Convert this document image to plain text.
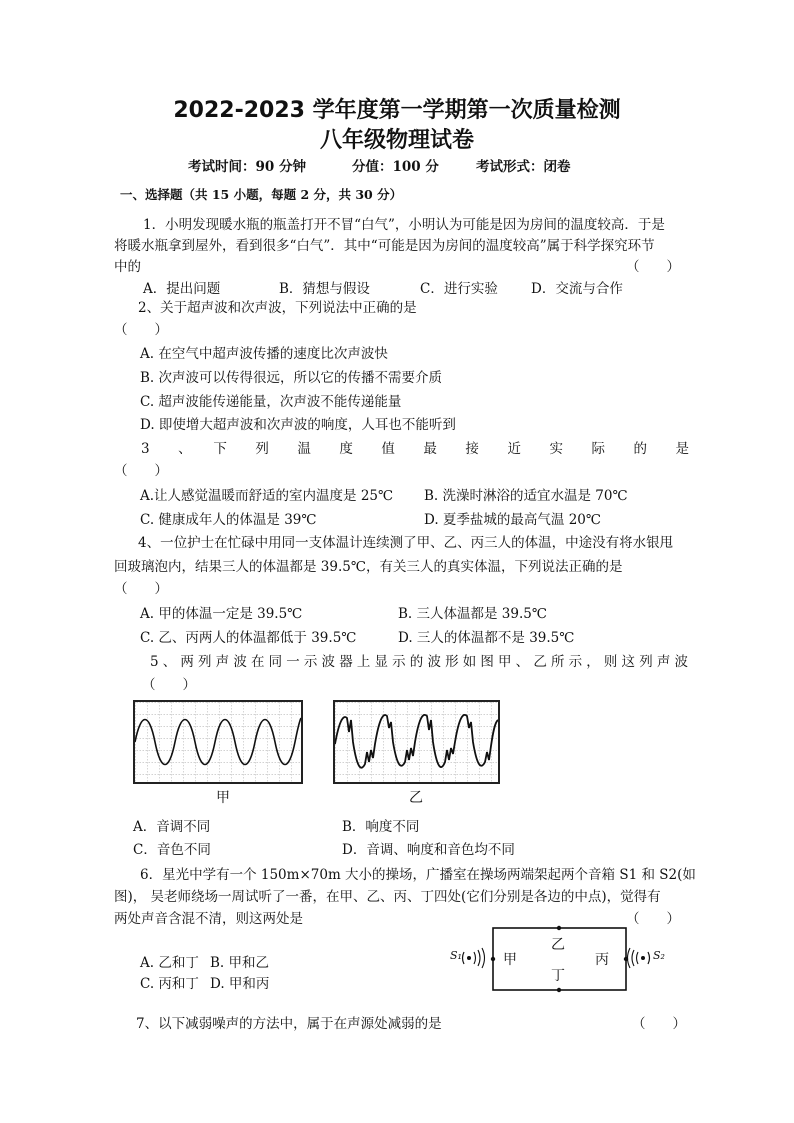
2022-2023 学年度第一学期第一次质量检测
八年级物理试卷
考试时间：90 分钟	分值：100 分	考试形式：闭卷
一、选择题（共 15 小题，每题 2 分，共 30 分）
1．小明发现暖水瓶的瓶盖打开不冒“白气”，小明认为可能是因为房间的温度较高．于是
将暖水瓶拿到屋外，看到很多“白气”．其中“可能是因为房间的温度较高”属于科学探究环节
中的	（　　）
A．提出问题	B．猜想与假设	C．进行实验 D．交流与合作
2、关于超声波和次声波，下列说法中正确的是
（　　）
A. 在空气中超声波传播的速度比次声波快
B. 次声波可以传得很远，所以它的传播不需要介质
C. 超声波能传递能量，次声波不能传递能量
D. 即使增大超声波和次声波的响度，人耳也不能听到
3　、　下　列　温　度　值　最　接　近　实　际　的　是
（　　）
A.让人感觉温暖而舒适的室内温度是 25℃ B. 洗澡时淋浴的适宜水温是 70℃
C. 健康成年人的体温是 39℃	D. 夏季盐城的最高气温 20℃
4、一位护士在忙碌中用同一支体温计连续测了甲、乙、丙三人的体温，中途没有将水银甩
回玻璃泡内，结果三人的体温都是 39.5℃，有关三人的真实体温，下列说法正确的是
（　　）
A. 甲的体温一定是 39.5℃	B. 三人体温都是 39.5℃
C. 乙、丙两人的体温都低于 39.5℃	D. 三人的体温都不是 39.5℃
5、两列声波在同一示波器上显示的波形如图甲、乙所示，则这列声波
（　　）
甲	乙
A．音调不同	B．响度不同
C．音色不同	D．音调、响度和音色均不同
6．星光中学有一个 150m×70m 大小的操场，广播室在操场两端架起两个音箱 S1 和 S2(如
图)， 吴老师绕场一周试听了一番，在甲、乙、丙、丁四处(它们分别是各边的中点)，觉得有
两处声音含混不清，则这两处是	（　　）
A. 乙和丁 B. 甲和乙
C. 丙和丁 D. 甲和丙
S₁	S₂
甲
乙
丙
丁
7、以下减弱噪声的方法中，属于在声源处减弱的是	（　　）
